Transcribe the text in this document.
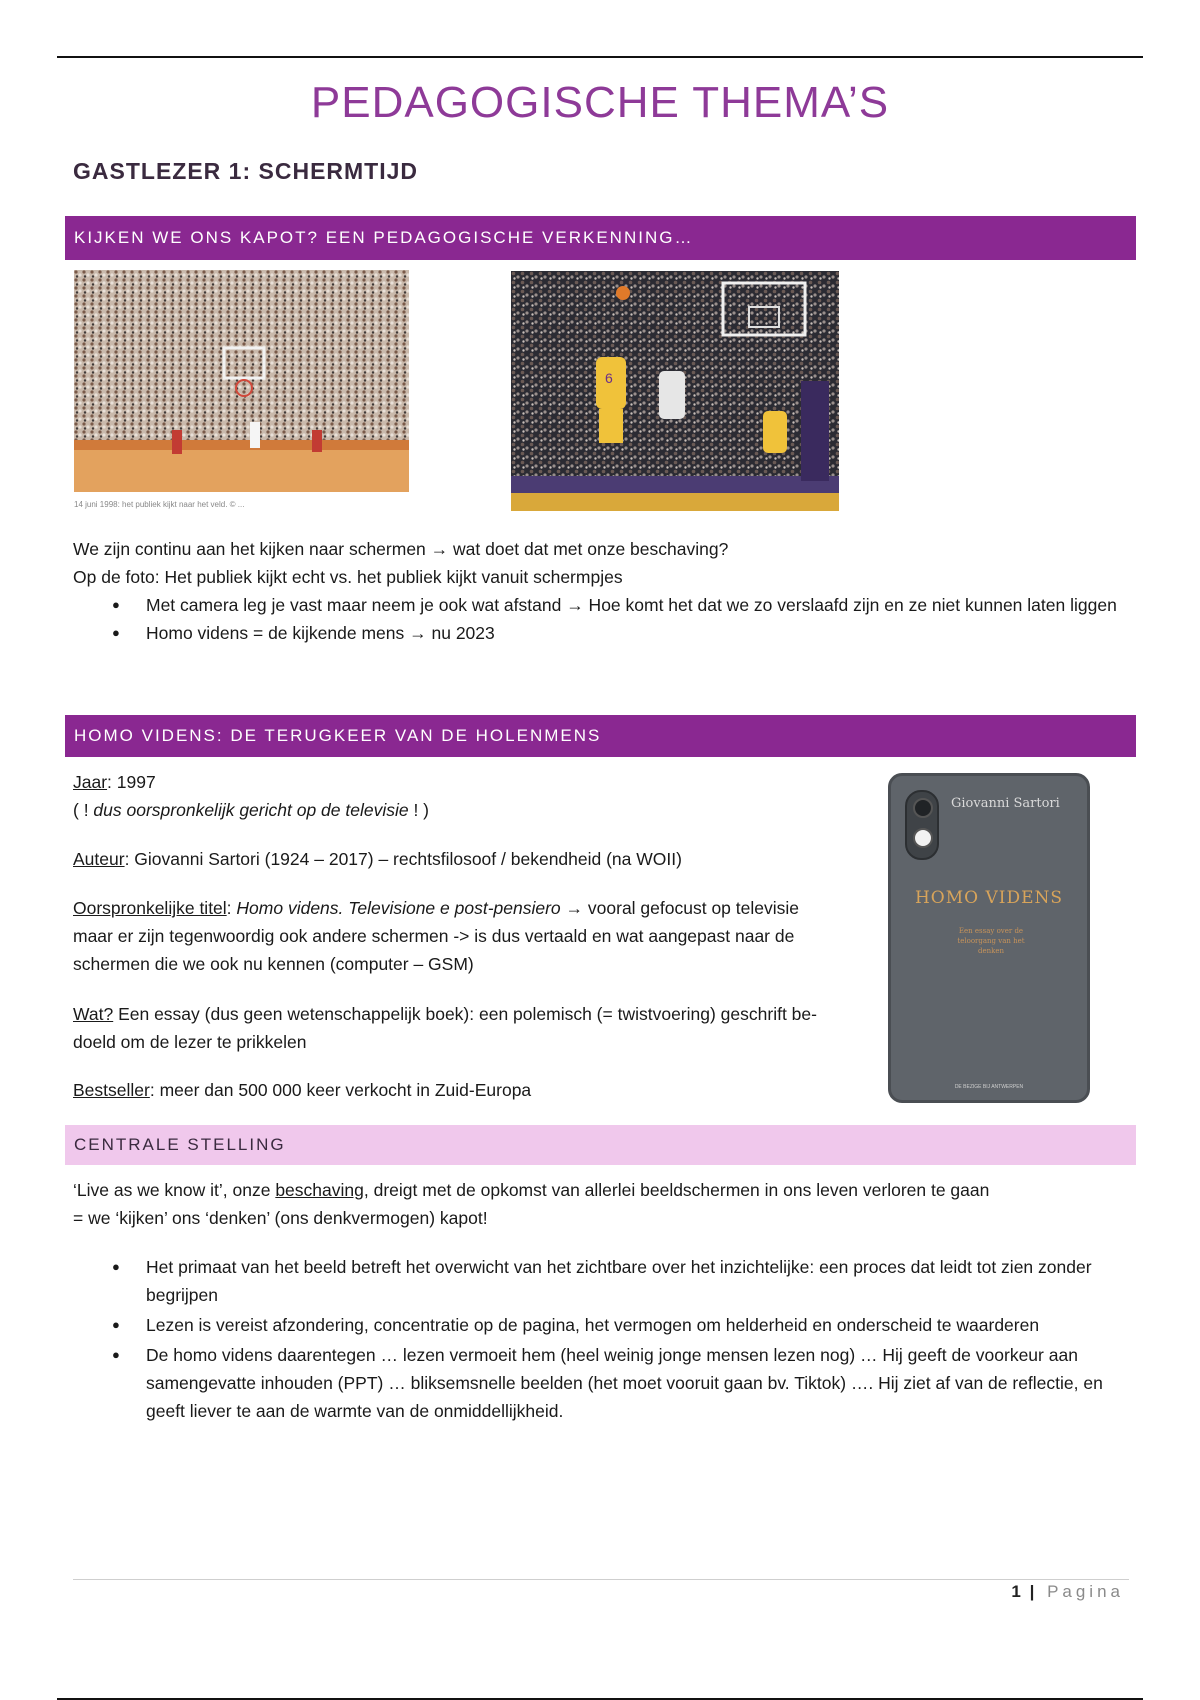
PEDAGOGISCHE THEMA’S
GASTLEZER 1: SCHERMTIJD
KIJKEN WE ONS KAPOT? EEN PEDAGOGISCHE VERKENNING…
14 juni 1998: het publiek kijkt naar het veld. © ...
6
We zijn continu aan het kijken naar schermen → wat doet dat met onze beschaving?
Op de foto: Het publiek kijkt echt vs. het publiek kijkt vanuit schermpjes
● Met camera leg je vast maar neem je ook wat afstand → Hoe komt het dat we zo verslaafd zijn en ze niet kunnen laten liggen
● Homo videns = de kijkende mens → nu 2023
HOMO VIDENS: DE TERUGKEER VAN DE HOLENMENS
Jaar: 1997
( ! dus oorspronkelijk gericht op de televisie ! )
Auteur: Giovanni Sartori (1924 – 2017) – rechtsfilosoof / bekendheid (na WOII)
Oorspronkelijke titel: Homo videns. Televisione e post-pensiero → vooral gefocust op televisie
maar er zijn tegenwoordig ook andere schermen -> is dus vertaald en wat aangepast naar de
schermen die we ook nu kennen (computer – GSM)
Wat? Een essay (dus geen wetenschappelijk boek): een polemisch (= twistvoering) geschrift be-
doeld om de lezer te prikkelen
Bestseller: meer dan 500 000 keer verkocht in Zuid-Europa
Giovanni Sartori
HOMO VIDENS
Een essay over de teloorgang van het denken
DE BEZIGE BIJ ANTWERPEN
CENTRALE STELLING
‘Live as we know it’, onze beschaving, dreigt met de opkomst van allerlei beeldschermen in ons leven verloren te gaan
= we ‘kijken’ ons ‘denken’ (ons denkvermogen) kapot!
● Het primaat van het beeld betreft het overwicht van het zichtbare over het inzichtelijke: een proces dat leidt tot zien zonder begrijpen
● Lezen is vereist afzondering, concentratie op de pagina, het vermogen om helderheid en onderscheid te waarderen
● De homo videns daarentegen … lezen vermoeit hem (heel weinig jonge mensen lezen nog) … Hij geeft de voorkeur aan samengevatte inhouden (PPT) … bliksemsnelle beelden (het moet vooruit gaan bv. Tiktok) …. Hij ziet af van de reflectie, en geeft liever te aan de warmte van de onmiddellijkheid.
1 | Pagina
